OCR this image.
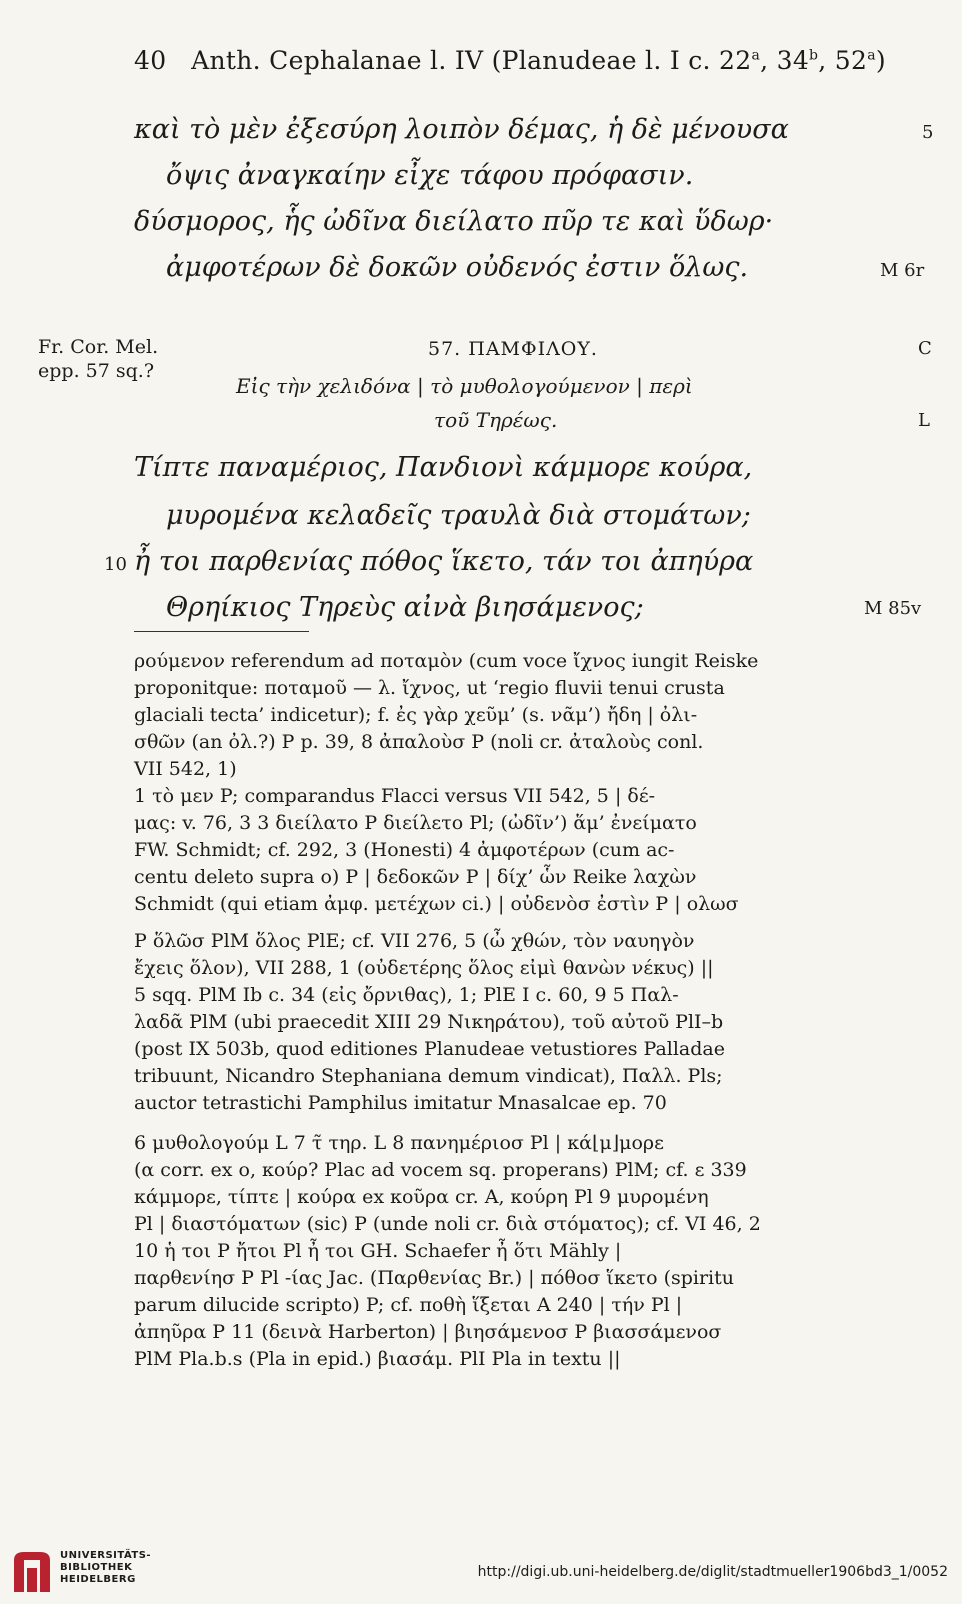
40 Anth. Cephalanae l. IV (Planudeae l. I c. 22$^a$, 34$^b$, 52$^a$)
καὶ τὸ μὲν ἐξεσύρη λοιπὸν δέμας, ἡ δὲ μένουσα	5
ὄψις ἀναγκαίην εἶχε τάφου πρόφασιν.
δύσμορος, ἧς ὠδῖνα διείλατο πῦρ τε καὶ ὕδωρ·
ἀμφοτέρων δὲ δοκῶν οὐδενός ἐστιν ὅλως.	M 6r
Fr. Cor. Mel.
epp. 57 sq.?
57. ΠΑΜΦΙΛΟΥ.	C
Εἰς τὴν χελιδόνα | τὸ μυθολογούμενον | περὶ
τοῦ Τηρέως.	L
Τίπτε παναμέριος, Πανδιονὶ κάμμορε κούρα,
μυρομένα κελαδεῖς τραυλὰ διὰ στομάτων;
10 ἦ τοι παρθενίας πόθος ἵκετο, τάν τοι ἀπηύρα
Θρηίκιος Τηρεὺς αἰνὰ βιησάμενος;	M 85v
ρούμενον referendum ad ποταμὸν (cum voce ἴχνος iungit Reiske
proponitque: ποταμοῦ — λ. ἴχνος, ut ‘regio fluvii tenui crusta
glaciali tecta’ indicetur); f. ἐς γὰρ χεῦμ’ (s. νᾶμ’) ἤδη | ὀλι-
σθῶν (an ὀλ.?) P p. 39, 8 ἀπαλοὺσ P (noli cr. ἀταλοὺς conl.
VII 542, 1)
1 τὸ μεν P; comparandus Flacci versus VII 542, 5 | δέ-
μας: v. 76, 3 3 διείλατο P διείλετο Pl; (ὠδῖν’) ἅμ’ ἐνείματο
FW. Schmidt; cf. 292, 3 (Honesti) 4 ἀμφοτέρων (cum ac-
centu deleto supra ο) P | δεδοκῶν P | δίχ’ ὧν Reike λαχὼν
Schmidt (qui etiam ἀμφ. μετέχων ci.) | οὐδενὸσ ἐστὶν P | ολωσ
P ὅλῶσ PlM ὅλος PlE; cf. VII 276, 5 (ὦ χθών, τὸν ναυηγὸν
ἔχεις ὅλον), VII 288, 1 (οὐδετέρης ὅλος εἰμὶ θανὼν νέκυς) ||
5 sqq. PlM Ib c. 34 (εἰς ὄρνιθας), 1; PlE I c. 60, 9 5 Παλ-
λαδᾶ PlM (ubi praecedit XIII 29 Νικηράτου), τοῦ αὐτοῦ PlI–b
(post IX 503b, quod editiones Planudeae vetustiores Palladae
tribuunt, Nicandro Stephaniana demum vindicat), Παλλ. Pls;
auctor tetrastichi Pamphilus imitatur Mnasalcae ep. 70
6 μυθολογούμ L 7 τ̃ τηρ. L 8 πανημέριοσ Pl | κά⌊μ⌋μορε
(α corr. ex ο, κούρ? Plac ad vocem sq. properans) PlM; cf. ε 339
κάμμορε, τίπτε | κούρα ex κοῦρα cr. A, κούρη Pl 9 μυρομένη
Pl | διαστόματων (sic) P (unde noli cr. διὰ στόματος); cf. VI 46, 2
10 ἡ τοι P ἤτοι Pl ἦ τοι GH. Schaefer ἦ ὅτι Mähly |
παρθενίησ P Pl -ίας Jac. (Παρθενίας Br.) | πόθοσ ἵκετο (spiritu
parum dilucide scripto) P; cf. ποθὴ ἵξεται A 240 | τήν Pl |
ἀπηῦρα P 11 (δεινὰ Harberton) | βιησάμενοσ P βιασσάμενοσ
PlM Pla.b.s (Pla in epid.) βιασάμ. PlI Pla in textu ||
UNIVERSITÄTS-
BIBLIOTHEK
HEIDELBERG	http://digi.ub.uni-heidelberg.de/diglit/stadtmueller1906bd3_1/0052
